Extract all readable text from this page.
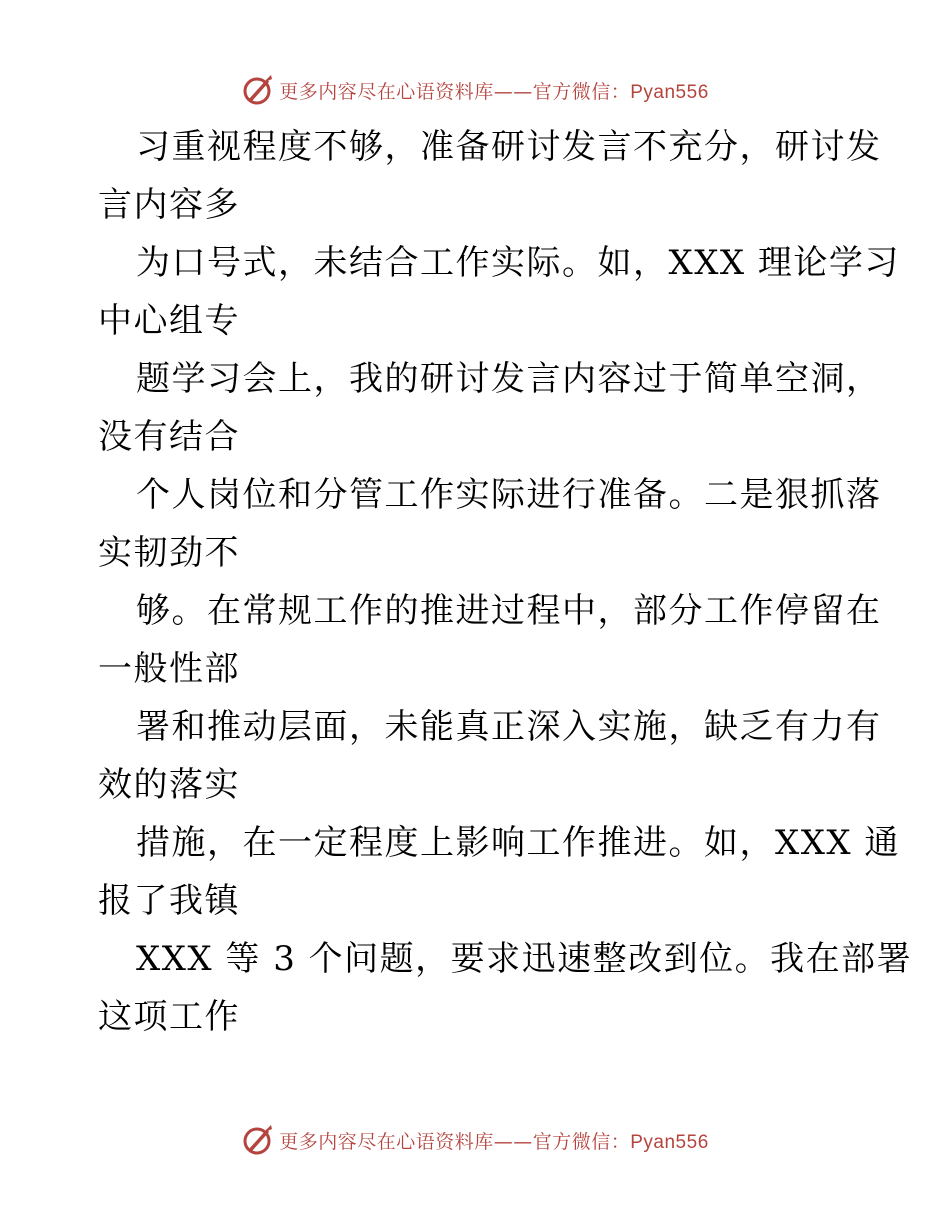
更多内容尽在心语资料库——官方微信：Pyan556
习重视程度不够，准备研讨发言不充分，研讨发
言内容多
为口号式，未结合工作实际。如，XXX 理论学习
中心组专
题学习会上，我的研讨发言内容过于简单空洞，
没有结合
个人岗位和分管工作实际进行准备。二是狠抓落
实韧劲不
够。在常规工作的推进过程中，部分工作停留在
一般性部
署和推动层面，未能真正深入实施，缺乏有力有
效的落实
措施，在一定程度上影响工作推进。如，XXX 通
报了我镇
XXX 等 3 个问题，要求迅速整改到位。我在部署
这项工作
更多内容尽在心语资料库——官方微信：Pyan556
